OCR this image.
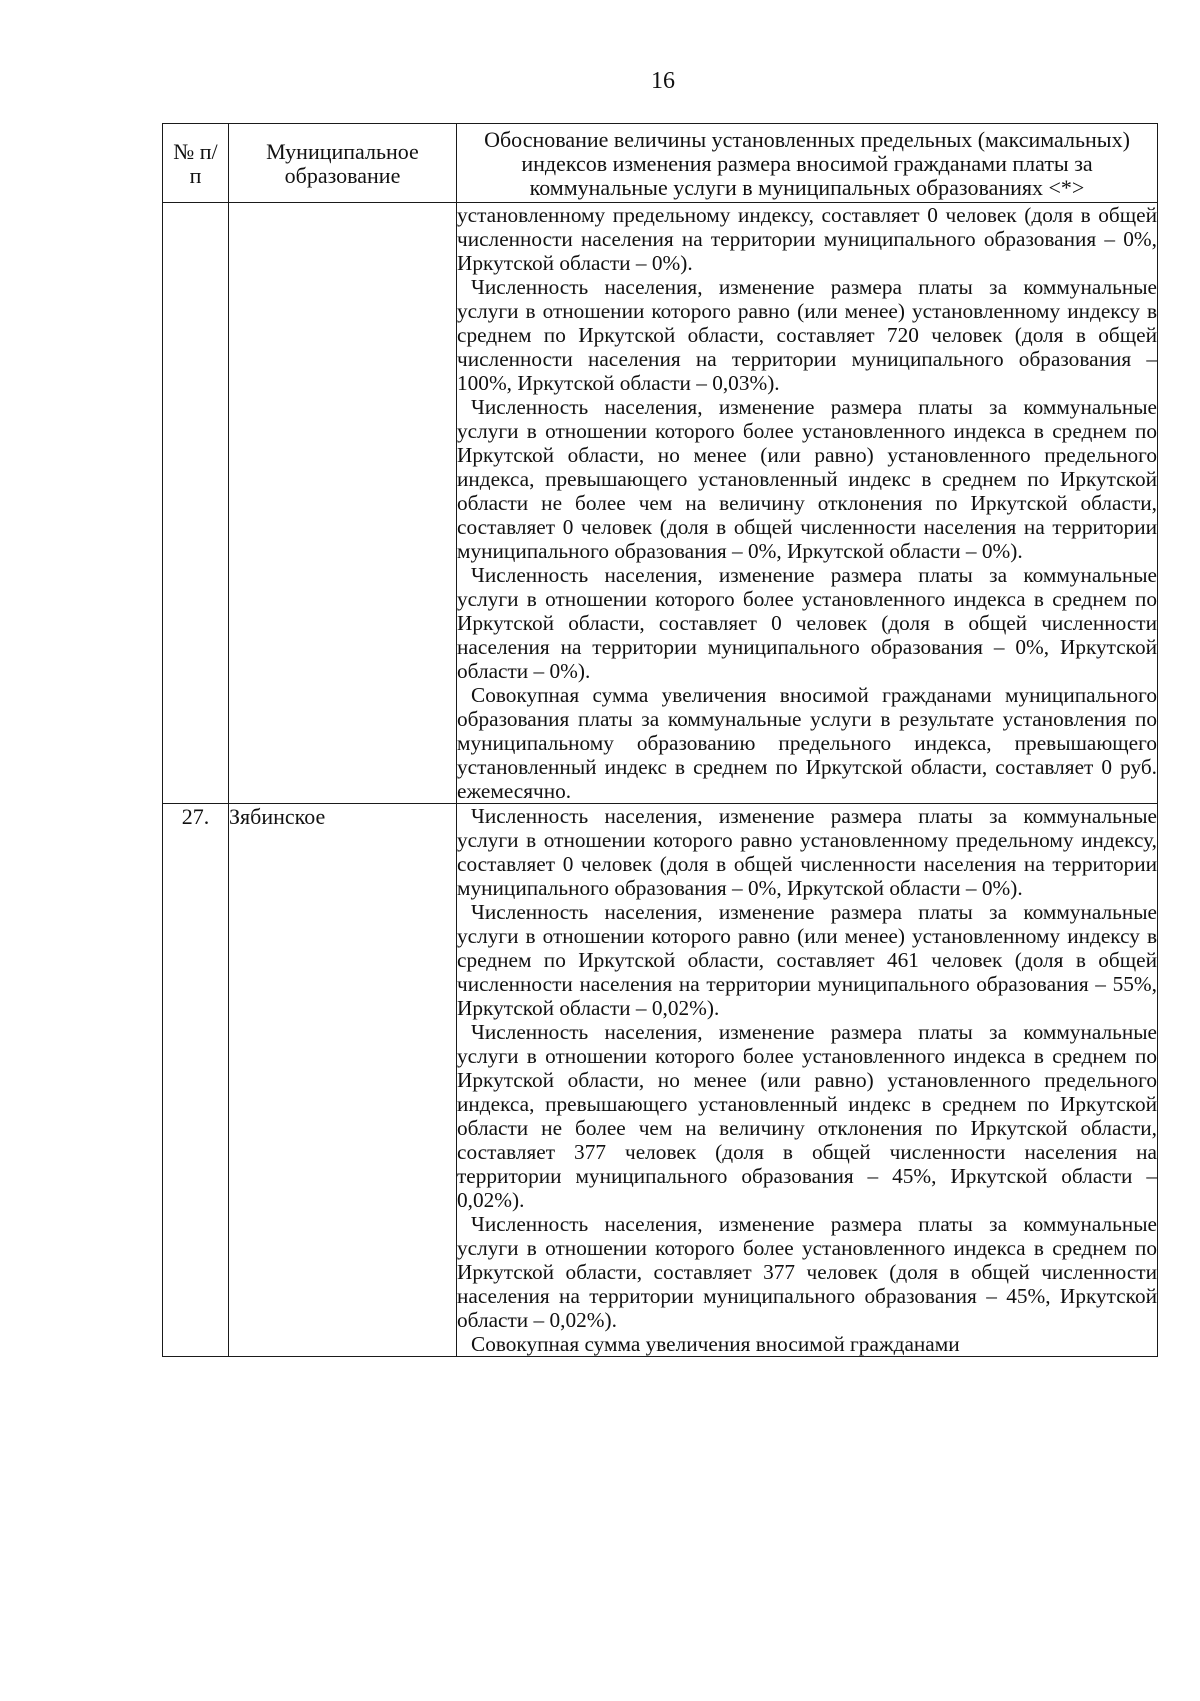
16
№ п/п	Муниципальное образование	Обоснование величины установленных предельных (максимальных) индексов изменения размера вносимой гражданами платы за коммунальные услуги в муниципальных образованиях <*>

		установленному предельному индексу, составляет 0 человек (доля в общей численности населения на территории муниципального образования – 0%, Иркутской области – 0%).

Численность населения, изменение размера платы за коммунальные услуги в отношении которого равно (или менее) установленному индексу в среднем по Иркутской области, составляет 720 человек (доля в общей численности населения на территории муниципального образования – 100%, Иркутской области – 0,03%).

Численность населения, изменение размера платы за коммунальные услуги в отношении которого более установленного индекса в среднем по Иркутской области, но менее (или равно) установленного предельного индекса, превышающего установленный индекс в среднем по Иркутской области не более чем на величину отклонения по Иркутской области, составляет 0 человек (доля в общей численности населения на территории муниципального образования – 0%, Иркутской области – 0%).

Численность населения, изменение размера платы за коммунальные услуги в отношении которого более установленного индекса в среднем по Иркутской области, составляет 0 человек (доля в общей численности населения на территории муниципального образования – 0%, Иркутской области – 0%).

Совокупная сумма увеличения вносимой гражданами муниципального образования платы за коммунальные услуги в результате установления по муниципальному образованию предельного индекса, превышающего установленный индекс в среднем по Иркутской области, составляет 0 руб. ежемесячно.

27.	Зябинское	Численность населения, изменение размера платы за коммунальные услуги в отношении которого равно установленному предельному индексу, составляет 0 человек (доля в общей численности населения на территории муниципального образования – 0%, Иркутской области – 0%).

Численность населения, изменение размера платы за коммунальные услуги в отношении которого равно (или менее) установленному индексу в среднем по Иркутской области, составляет 461 человек (доля в общей численности населения на территории муниципального образования – 55%, Иркутской области – 0,02%).

Численность населения, изменение размера платы за коммунальные услуги в отношении которого более установленного индекса в среднем по Иркутской области, но менее (или равно) установленного предельного индекса, превышающего установленный индекс в среднем по Иркутской области не более чем на величину отклонения по Иркутской области, составляет 377 человек (доля в общей численности населения на территории муниципального образования – 45%, Иркутской области – 0,02%).

Численность населения, изменение размера платы за коммунальные услуги в отношении которого более установленного индекса в среднем по Иркутской области, составляет 377 человек (доля в общей численности населения на территории муниципального образования – 45%, Иркутской области – 0,02%).

Совокупная сумма увеличения вносимой гражданами
